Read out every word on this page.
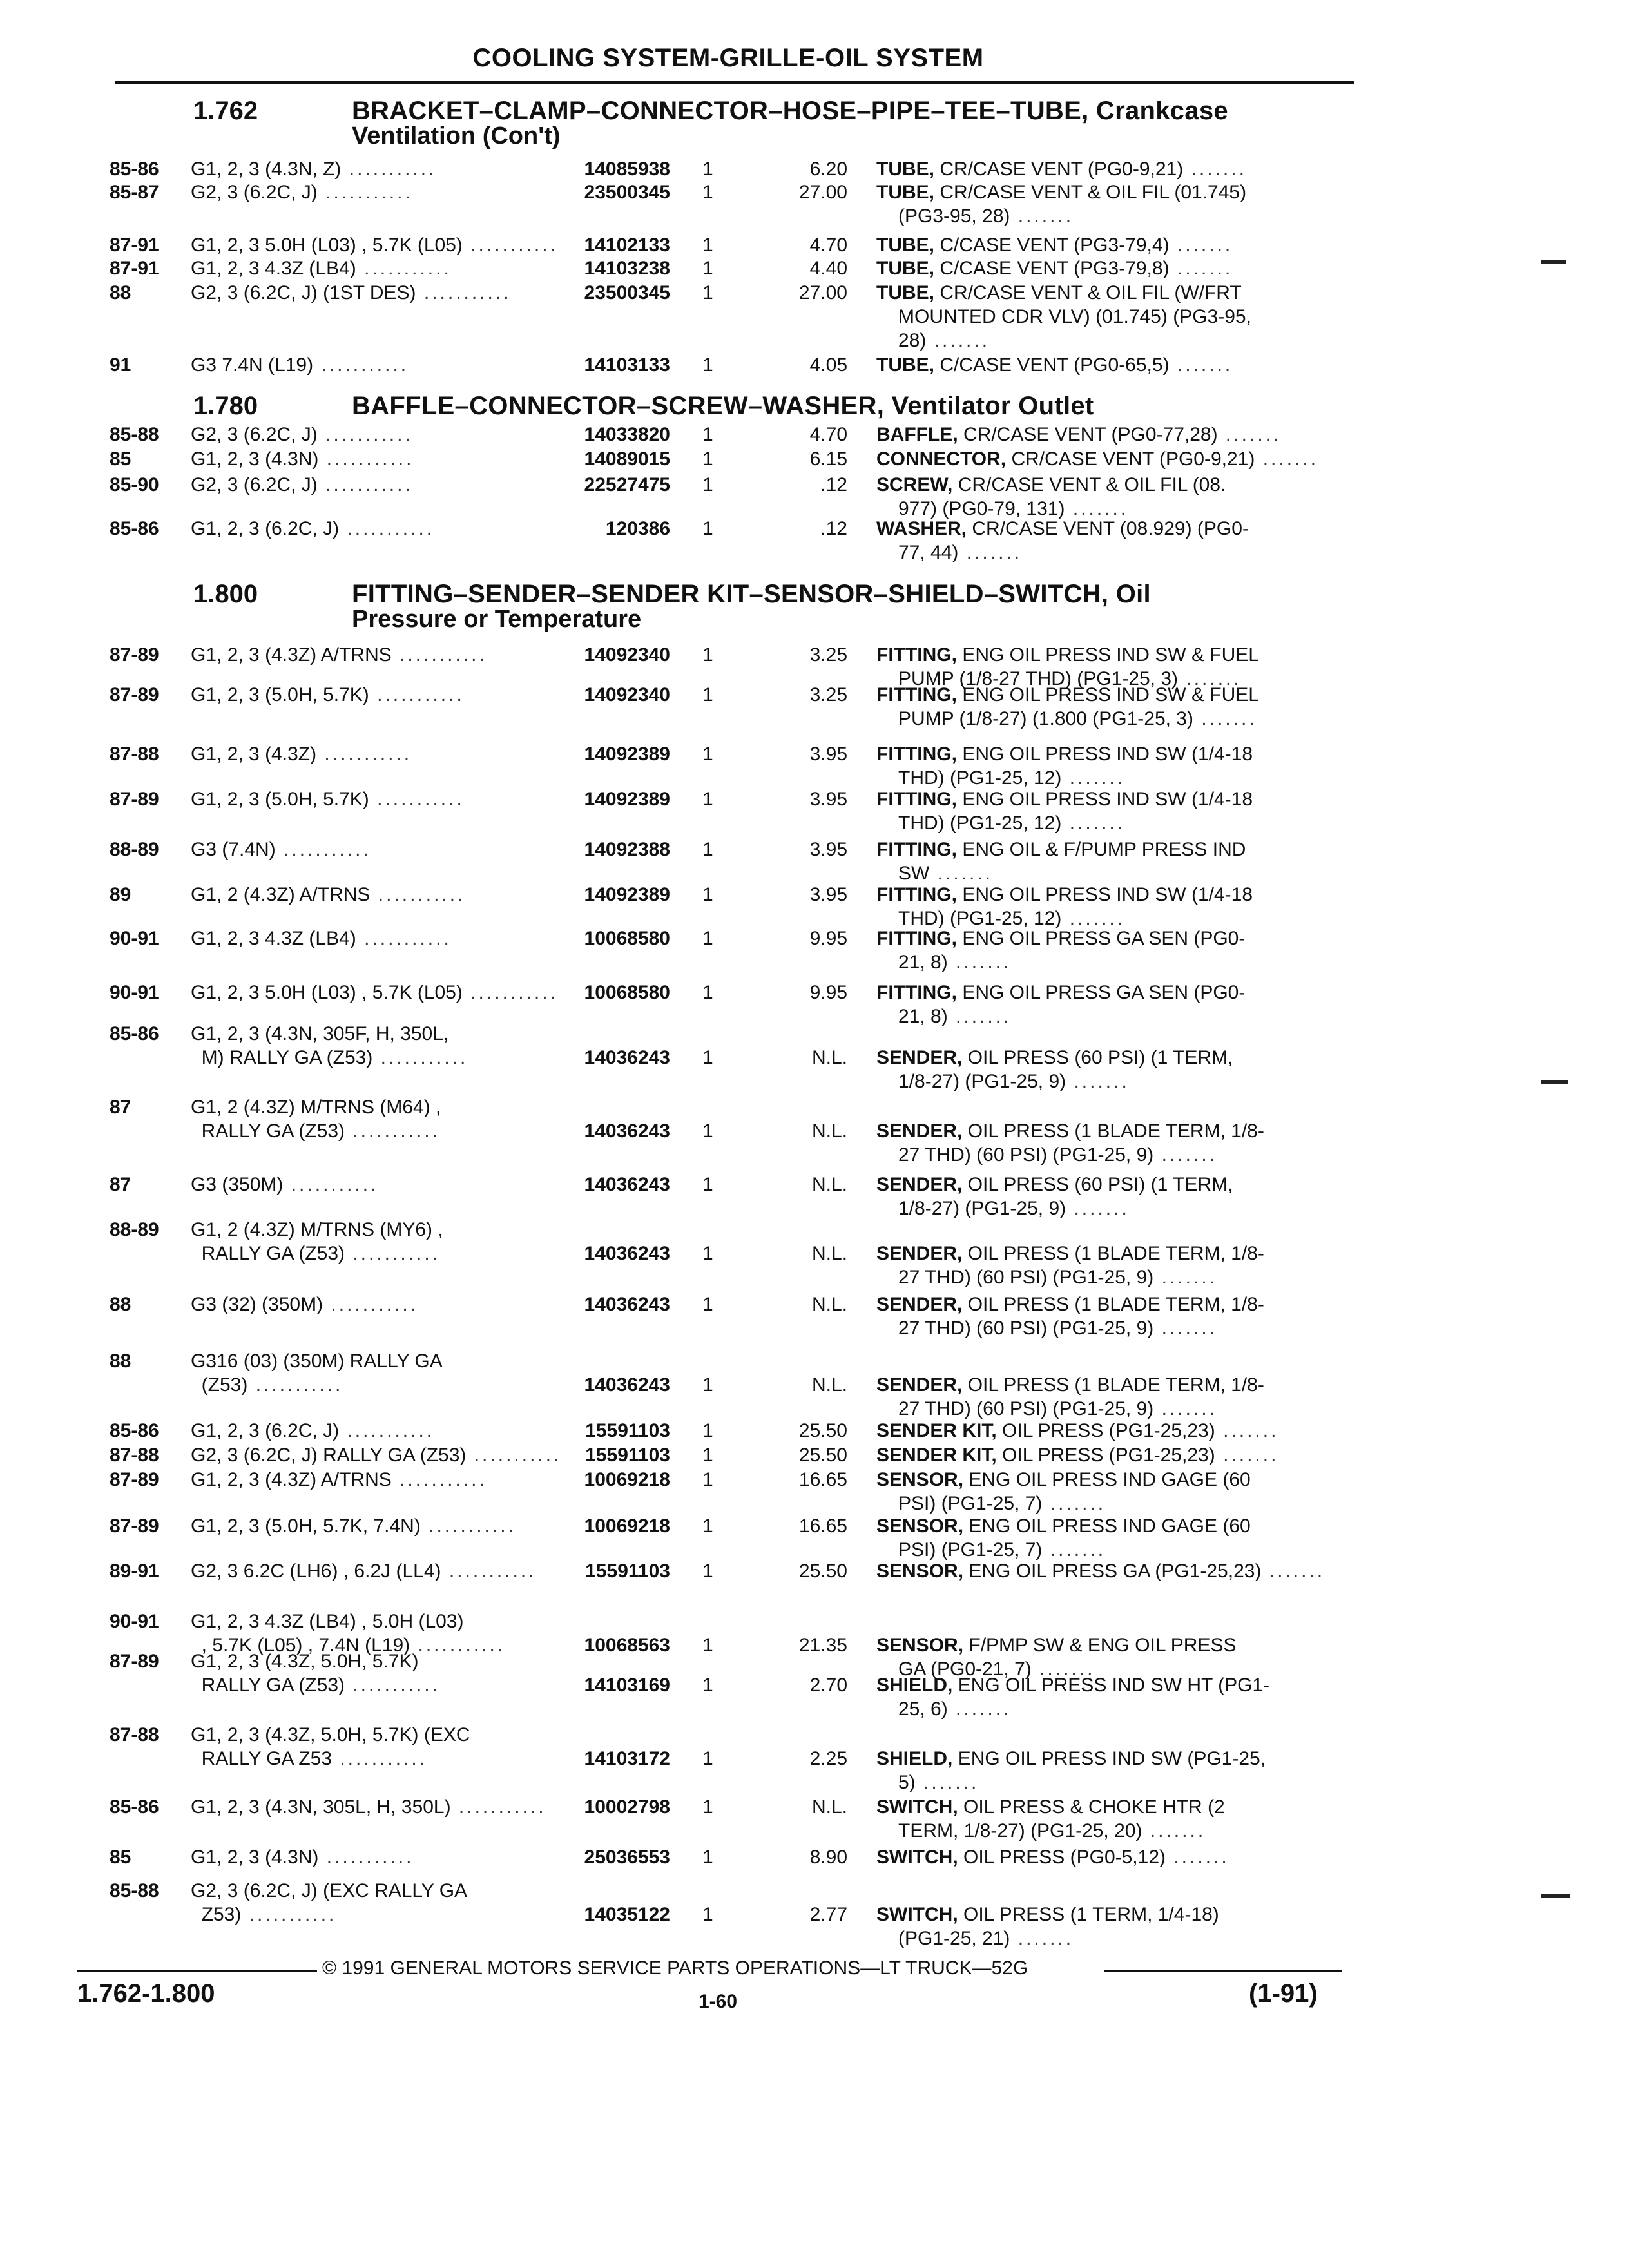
COOLING SYSTEM-GRILLE-OIL SYSTEM
1.762	BRACKET–CLAMP–CONNECTOR–HOSE–PIPE–TEE–TUBE, Crankcase
Ventilation (Con't)
85-86 G1, 2, 3 (4.3N, Z) ...........	14085938 1	6.20 TUBE, CR/CASE VENT (PG0-9,21) .......
85-87 G2, 3 (6.2C, J) ...........	23500345 1	27.00 TUBE, CR/CASE VENT & OIL FIL (01.745)
(PG3-95, 28) .......
87-91 G1, 2, 3 5.0H (L03) , 5.7K (L05) ...........	14102133 1	4.70 TUBE, C/CASE VENT (PG3-79,4) .......
87-91 G1, 2, 3 4.3Z (LB4) ...........	14103238 1	4.40 TUBE, C/CASE VENT (PG3-79,8) .......
88	G2, 3 (6.2C, J) (1ST DES) ...........	23500345 1	27.00 TUBE, CR/CASE VENT & OIL FIL (W/FRT
MOUNTED CDR VLV) (01.745) (PG3-95,
28) .......
91	G3 7.4N (L19) ...........	14103133 1	4.05 TUBE, C/CASE VENT (PG0-65,5) .......
1.780	BAFFLE–CONNECTOR–SCREW–WASHER, Ventilator Outlet
85-88 G2, 3 (6.2C, J) ...........	14033820 1	4.70 BAFFLE, CR/CASE VENT (PG0-77,28) .......
85	G1, 2, 3 (4.3N) ...........	14089015 1	6.15 CONNECTOR, CR/CASE VENT (PG0-9,21) .......
85-90 G2, 3 (6.2C, J) ...........	22527475 1	.12 SCREW, CR/CASE VENT & OIL FIL (08.
977) (PG0-79, 131) .......
85-86 G1, 2, 3 (6.2C, J) ...........	120386 1	.12 WASHER, CR/CASE VENT (08.929) (PG0-
77, 44) .......
1.800	FITTING–SENDER–SENDER KIT–SENSOR–SHIELD–SWITCH, Oil
Pressure or Temperature
87-89 G1, 2, 3 (4.3Z) A/TRNS ...........	14092340 1	3.25 FITTING, ENG OIL PRESS IND SW & FUEL
PUMP (1/8-27 THD) (PG1-25, 3) .......
87-89 G1, 2, 3 (5.0H, 5.7K) ...........	14092340 1	3.25 FITTING, ENG OIL PRESS IND SW & FUEL
PUMP (1/8-27) (1.800 (PG1-25, 3) .......
87-88 G1, 2, 3 (4.3Z) ...........	14092389 1	3.95 FITTING, ENG OIL PRESS IND SW (1/4-18
THD) (PG1-25, 12) .......
87-89 G1, 2, 3 (5.0H, 5.7K) ...........	14092389 1	3.95 FITTING, ENG OIL PRESS IND SW (1/4-18
THD) (PG1-25, 12) .......
88-89 G3 (7.4N) ...........	14092388 1	3.95 FITTING, ENG OIL & F/PUMP PRESS IND
SW .......
89	G1, 2 (4.3Z) A/TRNS ...........	14092389 1	3.95 FITTING, ENG OIL PRESS IND SW (1/4-18
THD) (PG1-25, 12) .......
90-91 G1, 2, 3 4.3Z (LB4) ...........	10068580 1	9.95 FITTING, ENG OIL PRESS GA SEN (PG0-
21, 8) .......
90-91 G1, 2, 3 5.0H (L03) , 5.7K (L05) ...........	10068580 1	9.95 FITTING, ENG OIL PRESS GA SEN (PG0-
21, 8) .......
85-86 G1, 2, 3 (4.3N, 305F, H, 350L,
M) RALLY GA (Z53) ...........	14036243 1	N.L. SENDER, OIL PRESS (60 PSI) (1 TERM,
1/8-27) (PG1-25, 9) .......
87	G1, 2 (4.3Z) M/TRNS (M64) ,
RALLY GA (Z53) ...........	14036243 1	N.L. SENDER, OIL PRESS (1 BLADE TERM, 1/8-
27 THD) (60 PSI) (PG1-25, 9) .......
87	G3 (350M) ...........	14036243 1	N.L. SENDER, OIL PRESS (60 PSI) (1 TERM,
1/8-27) (PG1-25, 9) .......
88-89 G1, 2 (4.3Z) M/TRNS (MY6) ,
RALLY GA (Z53) ...........	14036243 1	N.L. SENDER, OIL PRESS (1 BLADE TERM, 1/8-
27 THD) (60 PSI) (PG1-25, 9) .......
88	G3 (32) (350M) ...........	14036243 1	N.L. SENDER, OIL PRESS (1 BLADE TERM, 1/8-
27 THD) (60 PSI) (PG1-25, 9) .......
88	G316 (03) (350M) RALLY GA
(Z53) ...........	14036243 1	N.L. SENDER, OIL PRESS (1 BLADE TERM, 1/8-
27 THD) (60 PSI) (PG1-25, 9) .......
85-86 G1, 2, 3 (6.2C, J) ...........	15591103 1	25.50 SENDER KIT, OIL PRESS (PG1-25,23) .......
87-88 G2, 3 (6.2C, J) RALLY GA (Z53) ...........	15591103 1	25.50 SENDER KIT, OIL PRESS (PG1-25,23) .......
87-89 G1, 2, 3 (4.3Z) A/TRNS ...........	10069218 1	16.65 SENSOR, ENG OIL PRESS IND GAGE (60
PSI) (PG1-25, 7) .......
87-89 G1, 2, 3 (5.0H, 5.7K, 7.4N) ...........	10069218 1	16.65 SENSOR, ENG OIL PRESS IND GAGE (60
PSI) (PG1-25, 7) .......
89-91 G2, 3 6.2C (LH6) , 6.2J (LL4) ...........	15591103 1	25.50 SENSOR, ENG OIL PRESS GA (PG1-25,23) .......
90-91 G1, 2, 3 4.3Z (LB4) , 5.0H (L03)
, 5.7K (L05) , 7.4N (L19) ...........	10068563 1	21.35 SENSOR, F/PMP SW & ENG OIL PRESS
GA (PG0-21, 7) .......
87-89 G1, 2, 3 (4.3Z, 5.0H, 5.7K)
RALLY GA (Z53) ...........	14103169 1	2.70 SHIELD, ENG OIL PRESS IND SW HT (PG1-
25, 6) .......
87-88 G1, 2, 3 (4.3Z, 5.0H, 5.7K) (EXC
RALLY GA Z53 ...........	14103172 1	2.25 SHIELD, ENG OIL PRESS IND SW (PG1-25,
5) .......
85-86 G1, 2, 3 (4.3N, 305L, H, 350L) ...........	10002798 1	N.L. SWITCH, OIL PRESS & CHOKE HTR (2
TERM, 1/8-27) (PG1-25, 20) .......
85	G1, 2, 3 (4.3N) ...........	25036553 1	8.90 SWITCH, OIL PRESS (PG0-5,12) .......
85-88 G2, 3 (6.2C, J) (EXC RALLY GA
Z53) ...........	14035122 1	2.77 SWITCH, OIL PRESS (1 TERM, 1/4-18)
(PG1-25, 21) .......
© 1991 GENERAL MOTORS SERVICE PARTS OPERATIONS—LT TRUCK—52G
1.762-1.800	1-60	(1-91)
